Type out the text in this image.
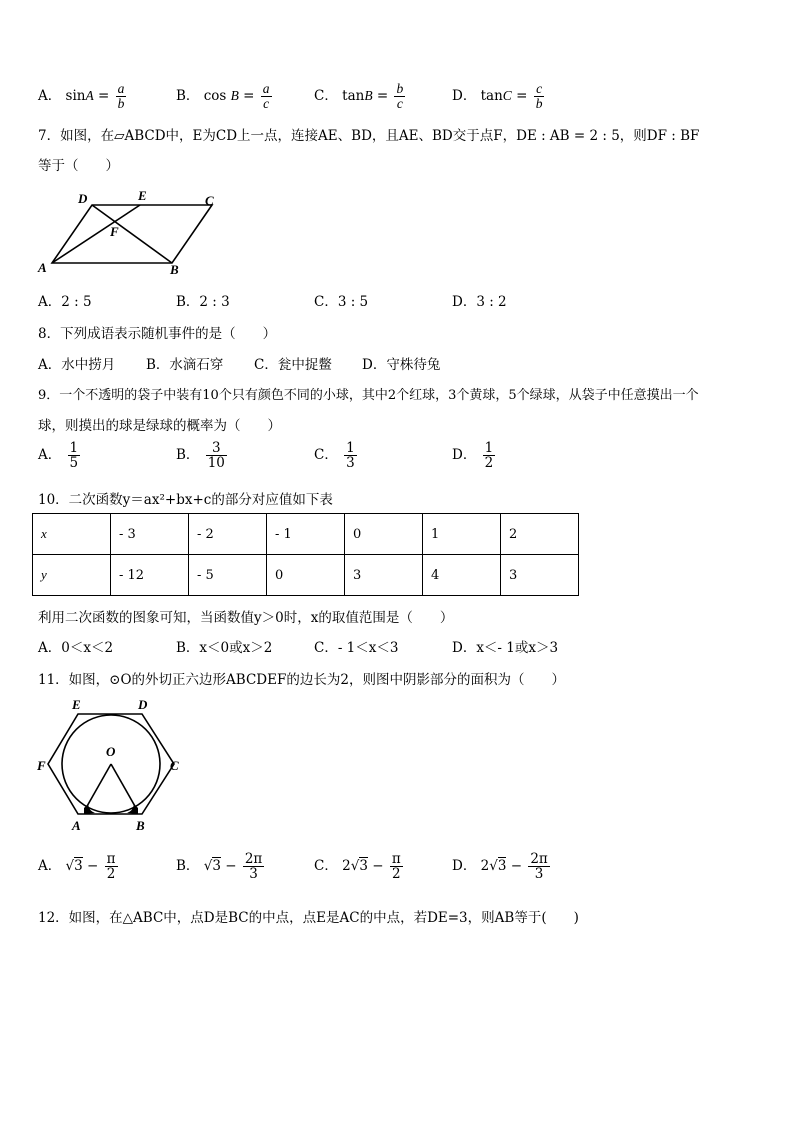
A． $\sin A = \frac{a}{b}$	B． $\cos B = \frac{a}{c}$	C． $\tan B = \frac{b}{c}$	D． $\tan C = \frac{c}{b}$
7．如图，在▱ABCD中，E为CD上一点，连接AE、BD，且AE、BD交于点F，DE : AB = 2 : 5，则DF : BF
等于（　　）
D	E	C
F
A	B
A．2 : 5	B．2 : 3	C．3 : 5	D．3 : 2
8．下列成语表示随机事件的是（　　）
A．水中捞月 B．水滴石穿 C．瓮中捉鳖 D．守株待兔
9．一个不透明的袋子中装有10个只有颜色不同的小球，其中2个红球，3个黄球，5个绿球，从袋子中任意摸出一个
球，则摸出的球是绿球的概率为（　　）
A． $\frac{1}{5}$	B． $\frac{3}{10}$	C． $\frac{1}{3}$	D． $\frac{1}{2}$
10．二次函数y＝ax²+bx+c的部分对应值如下表
x	- 3	- 2	- 1	0	1	2
y	- 12	- 5	0	3	4	3
利用二次函数的图象可知，当函数值y＞0时，x的取值范围是（　　）
A．0＜x＜2	B．x＜0或x＞2	C．- 1＜x＜3	D．x＜- 1或x＞3
11．如图，⊙O的外切正六边形ABCDEF的边长为2，则图中阴影部分的面积为（　　）
E	D
O
F	C
A	B
A． $√3 - \frac{\pi}{2}$	B． $√3 - \frac{2\pi}{3}$	C． $2√3 - \frac{\pi}{2}$	D． $2√3 - \frac{2\pi}{3}$
12．如图，在△ABC中，点D是BC的中点，点E是AC的中点，若DE=3，则AB等于(　　)
